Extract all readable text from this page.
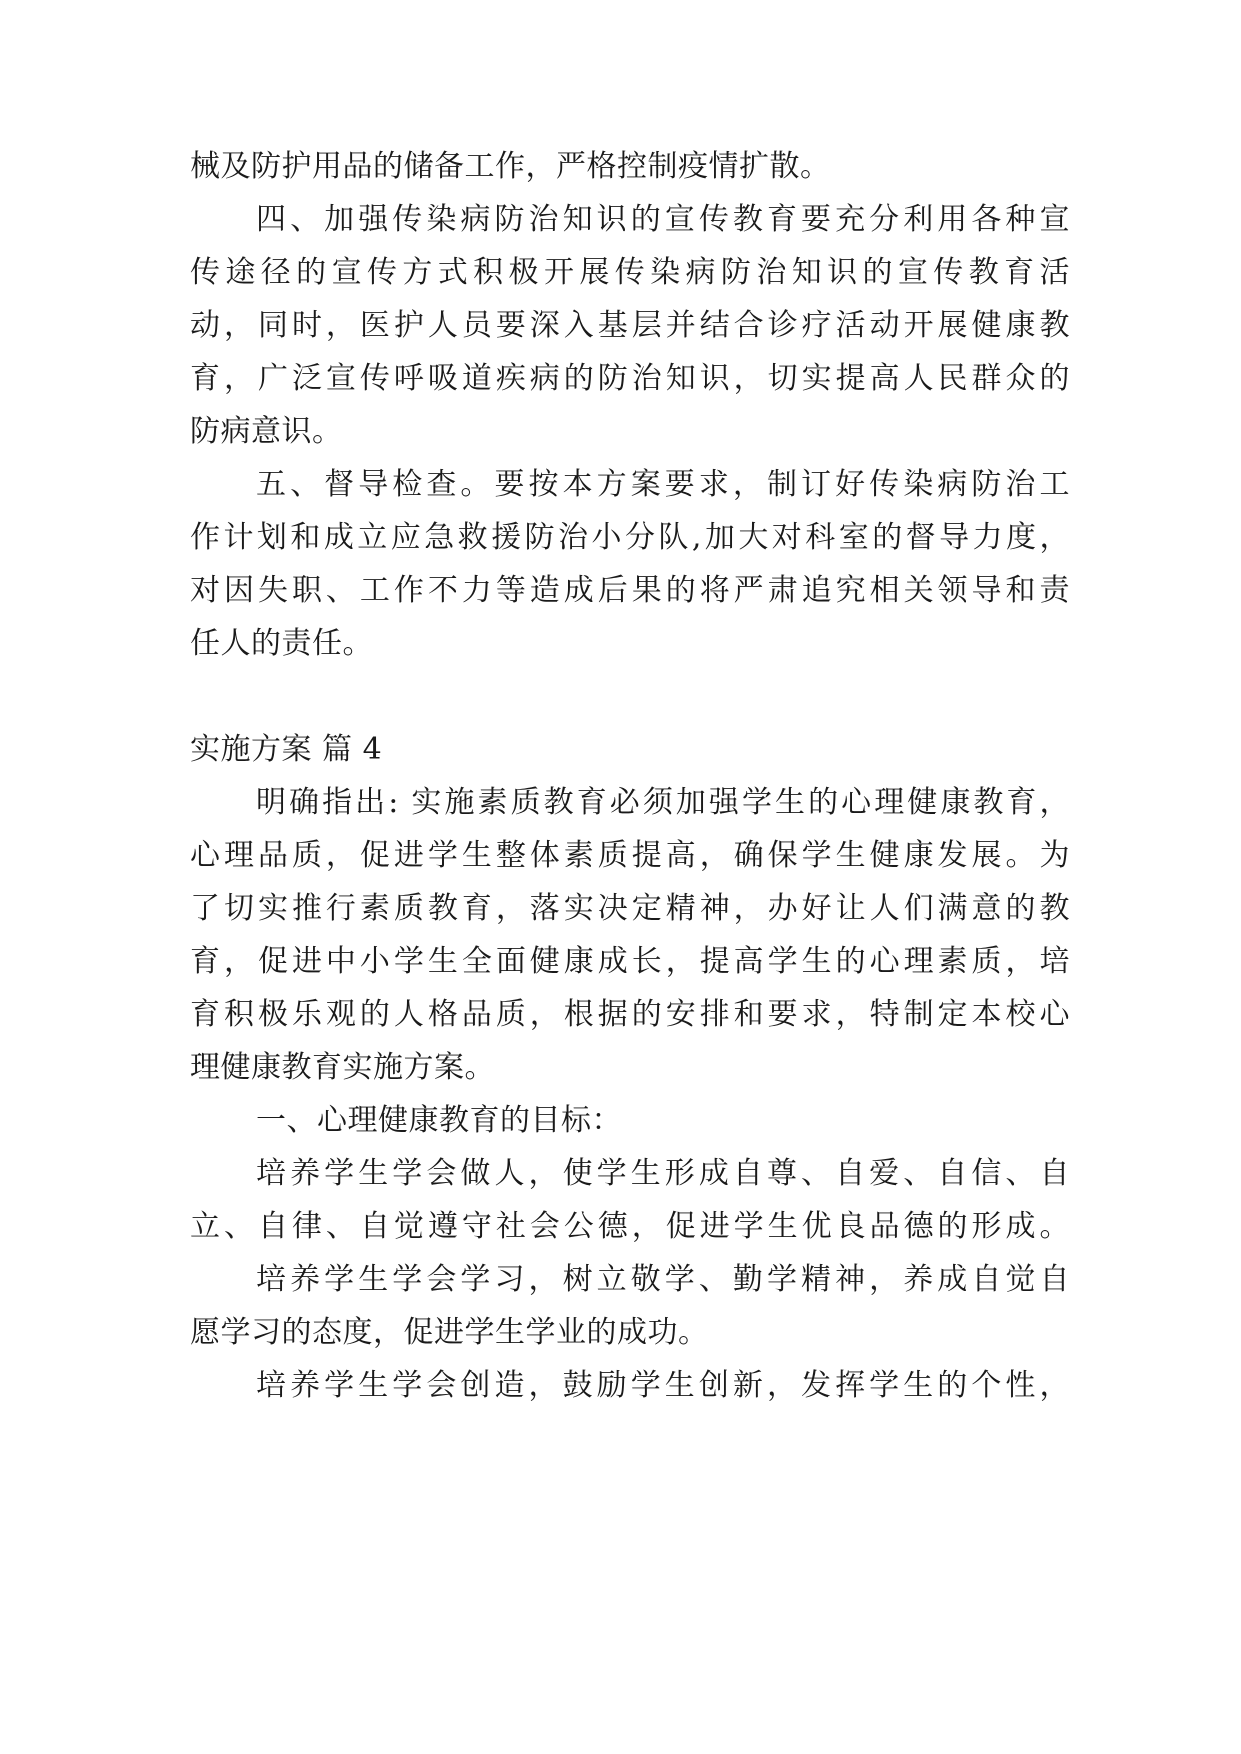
械及防护用品的储备工作，严格控制疫情扩散。
四、加强传染病防治知识的宣传教育要充分利用各种宣
传途径的宣传方式积极开展传染病防治知识的宣传教育活
动，同时，医护人员要深入基层并结合诊疗活动开展健康教
育，广泛宣传呼吸道疾病的防治知识，切实提高人民群众的
防病意识。
五、督导检查。要按本方案要求，制订好传染病防治工
作计划和成立应急救援防治小分队,加大对科室的督导力度，
对因失职、工作不力等造成后果的将严肃追究相关领导和责
任人的责任。
实施方案 篇 4
明确指出: 实施素质教育必须加强学生的心理健康教育，
心理品质，促进学生整体素质提高，确保学生健康发展。为
了切实推行素质教育，落实决定精神，办好让人们满意的教
育，促进中小学生全面健康成长，提高学生的心理素质，培
育积极乐观的人格品质，根据的安排和要求，特制定本校心
理健康教育实施方案。
一、心理健康教育的目标：
培养学生学会做人，使学生形成自尊、自爱、自信、自
立、自律、自觉遵守社会公德，促进学生优良品德的形成。
培养学生学会学习，树立敬学、勤学精神，养成自觉自
愿学习的态度，促进学生学业的成功。
培养学生学会创造，鼓励学生创新，发挥学生的个性，
